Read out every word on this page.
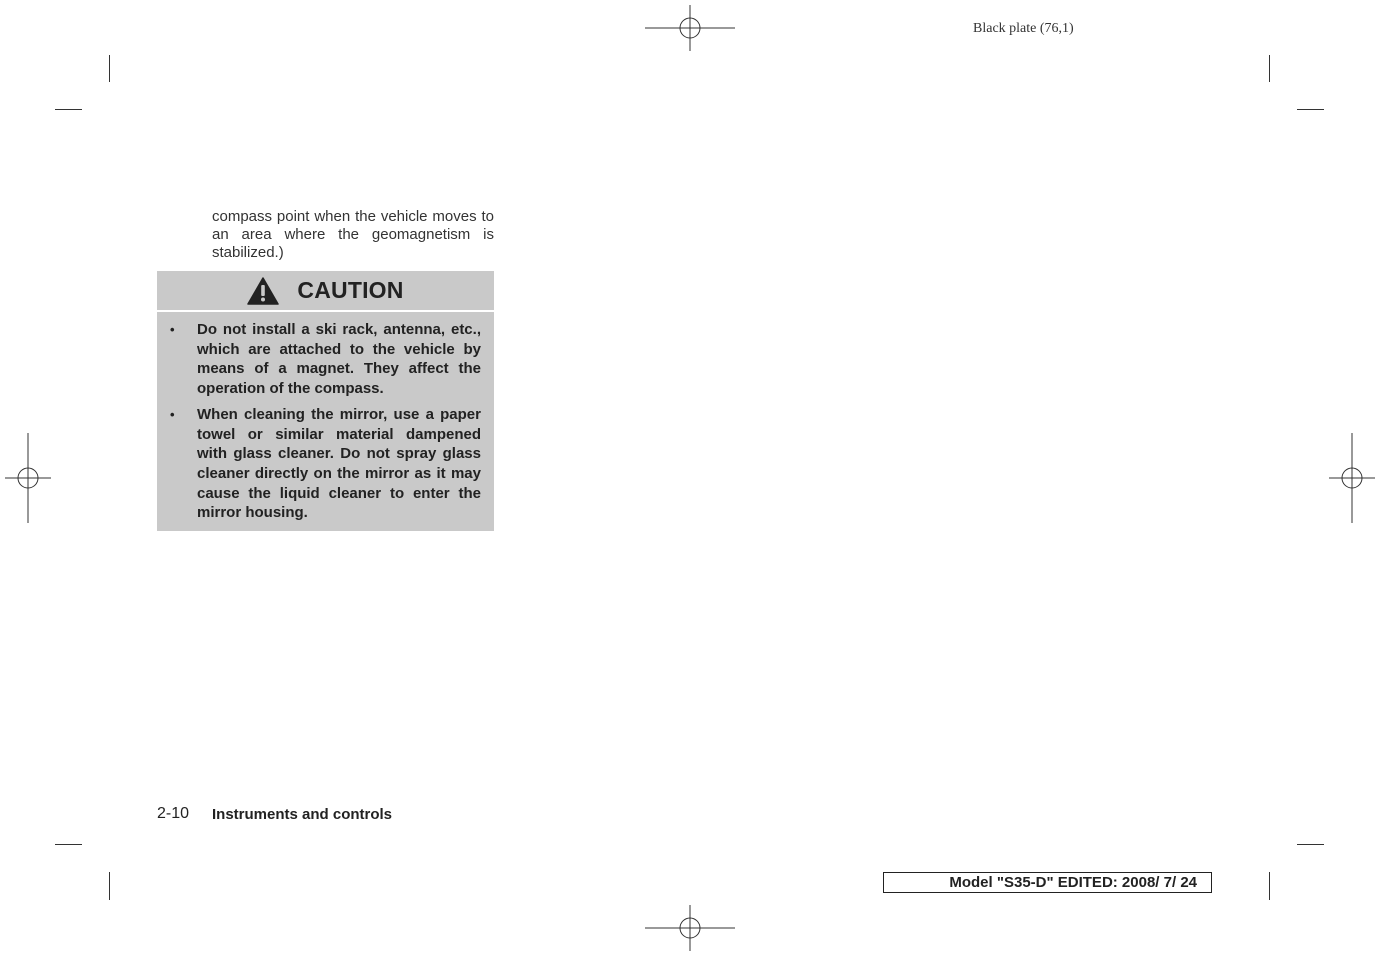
Black plate (76,1)
compass point when the vehicle moves to an area where the geomagnetism is stabilized.)
CAUTION
• Do not install a ski rack, antenna, etc., which are attached to the vehicle by means of a magnet. They affect the operation of the compass.
• When cleaning the mirror, use a paper towel or similar material dampened with glass cleaner. Do not spray glass cleaner directly on the mirror as it may cause the liquid cleaner to enter the mirror housing.
2-10 Instruments and controls
Model "S35-D" EDITED: 2008/ 7/ 24
